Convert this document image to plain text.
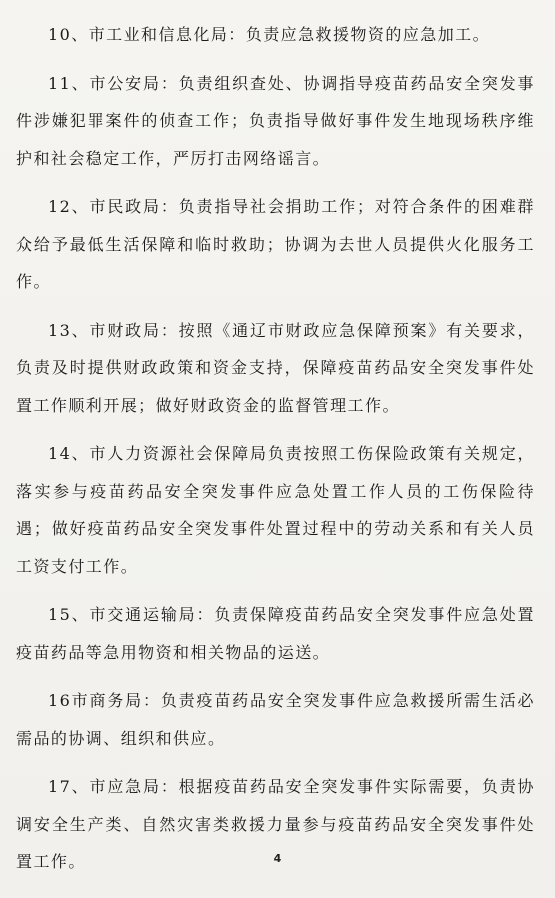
10、市工业和信息化局：负责应急救援物资的应急加工。

11、市公安局：负责组织查处、协调指导疫苗药品安全突发事件涉嫌犯罪案件的侦查工作；负责指导做好事件发生地现场秩序维护和社会稳定工作，严厉打击网络谣言。

12、市民政局：负责指导社会捐助工作；对符合条件的困难群众给予最低生活保障和临时救助；协调为去世人员提供火化服务工作。

13、市财政局：按照《通辽市财政应急保障预案》有关要求，负责及时提供财政政策和资金支持，保障疫苗药品安全突发事件处置工作顺利开展；做好财政资金的监督管理工作。

14、市人力资源社会保障局负责按照工伤保险政策有关规定，落实参与疫苗药品安全突发事件应急处置工作人员的工伤保险待遇；做好疫苗药品安全突发事件处置过程中的劳动关系和有关人员工资支付工作。

15、市交通运输局：负责保障疫苗药品安全突发事件应急处置疫苗药品等急用物资和相关物品的运送。

16市商务局：负责疫苗药品安全突发事件应急救援所需生活必需品的协调、组织和供应。

17、市应急局：根据疫苗药品安全突发事件实际需要，负责协调安全生产类、自然灾害类救援力量参与疫苗药品安全突发事件处置工作。	4
